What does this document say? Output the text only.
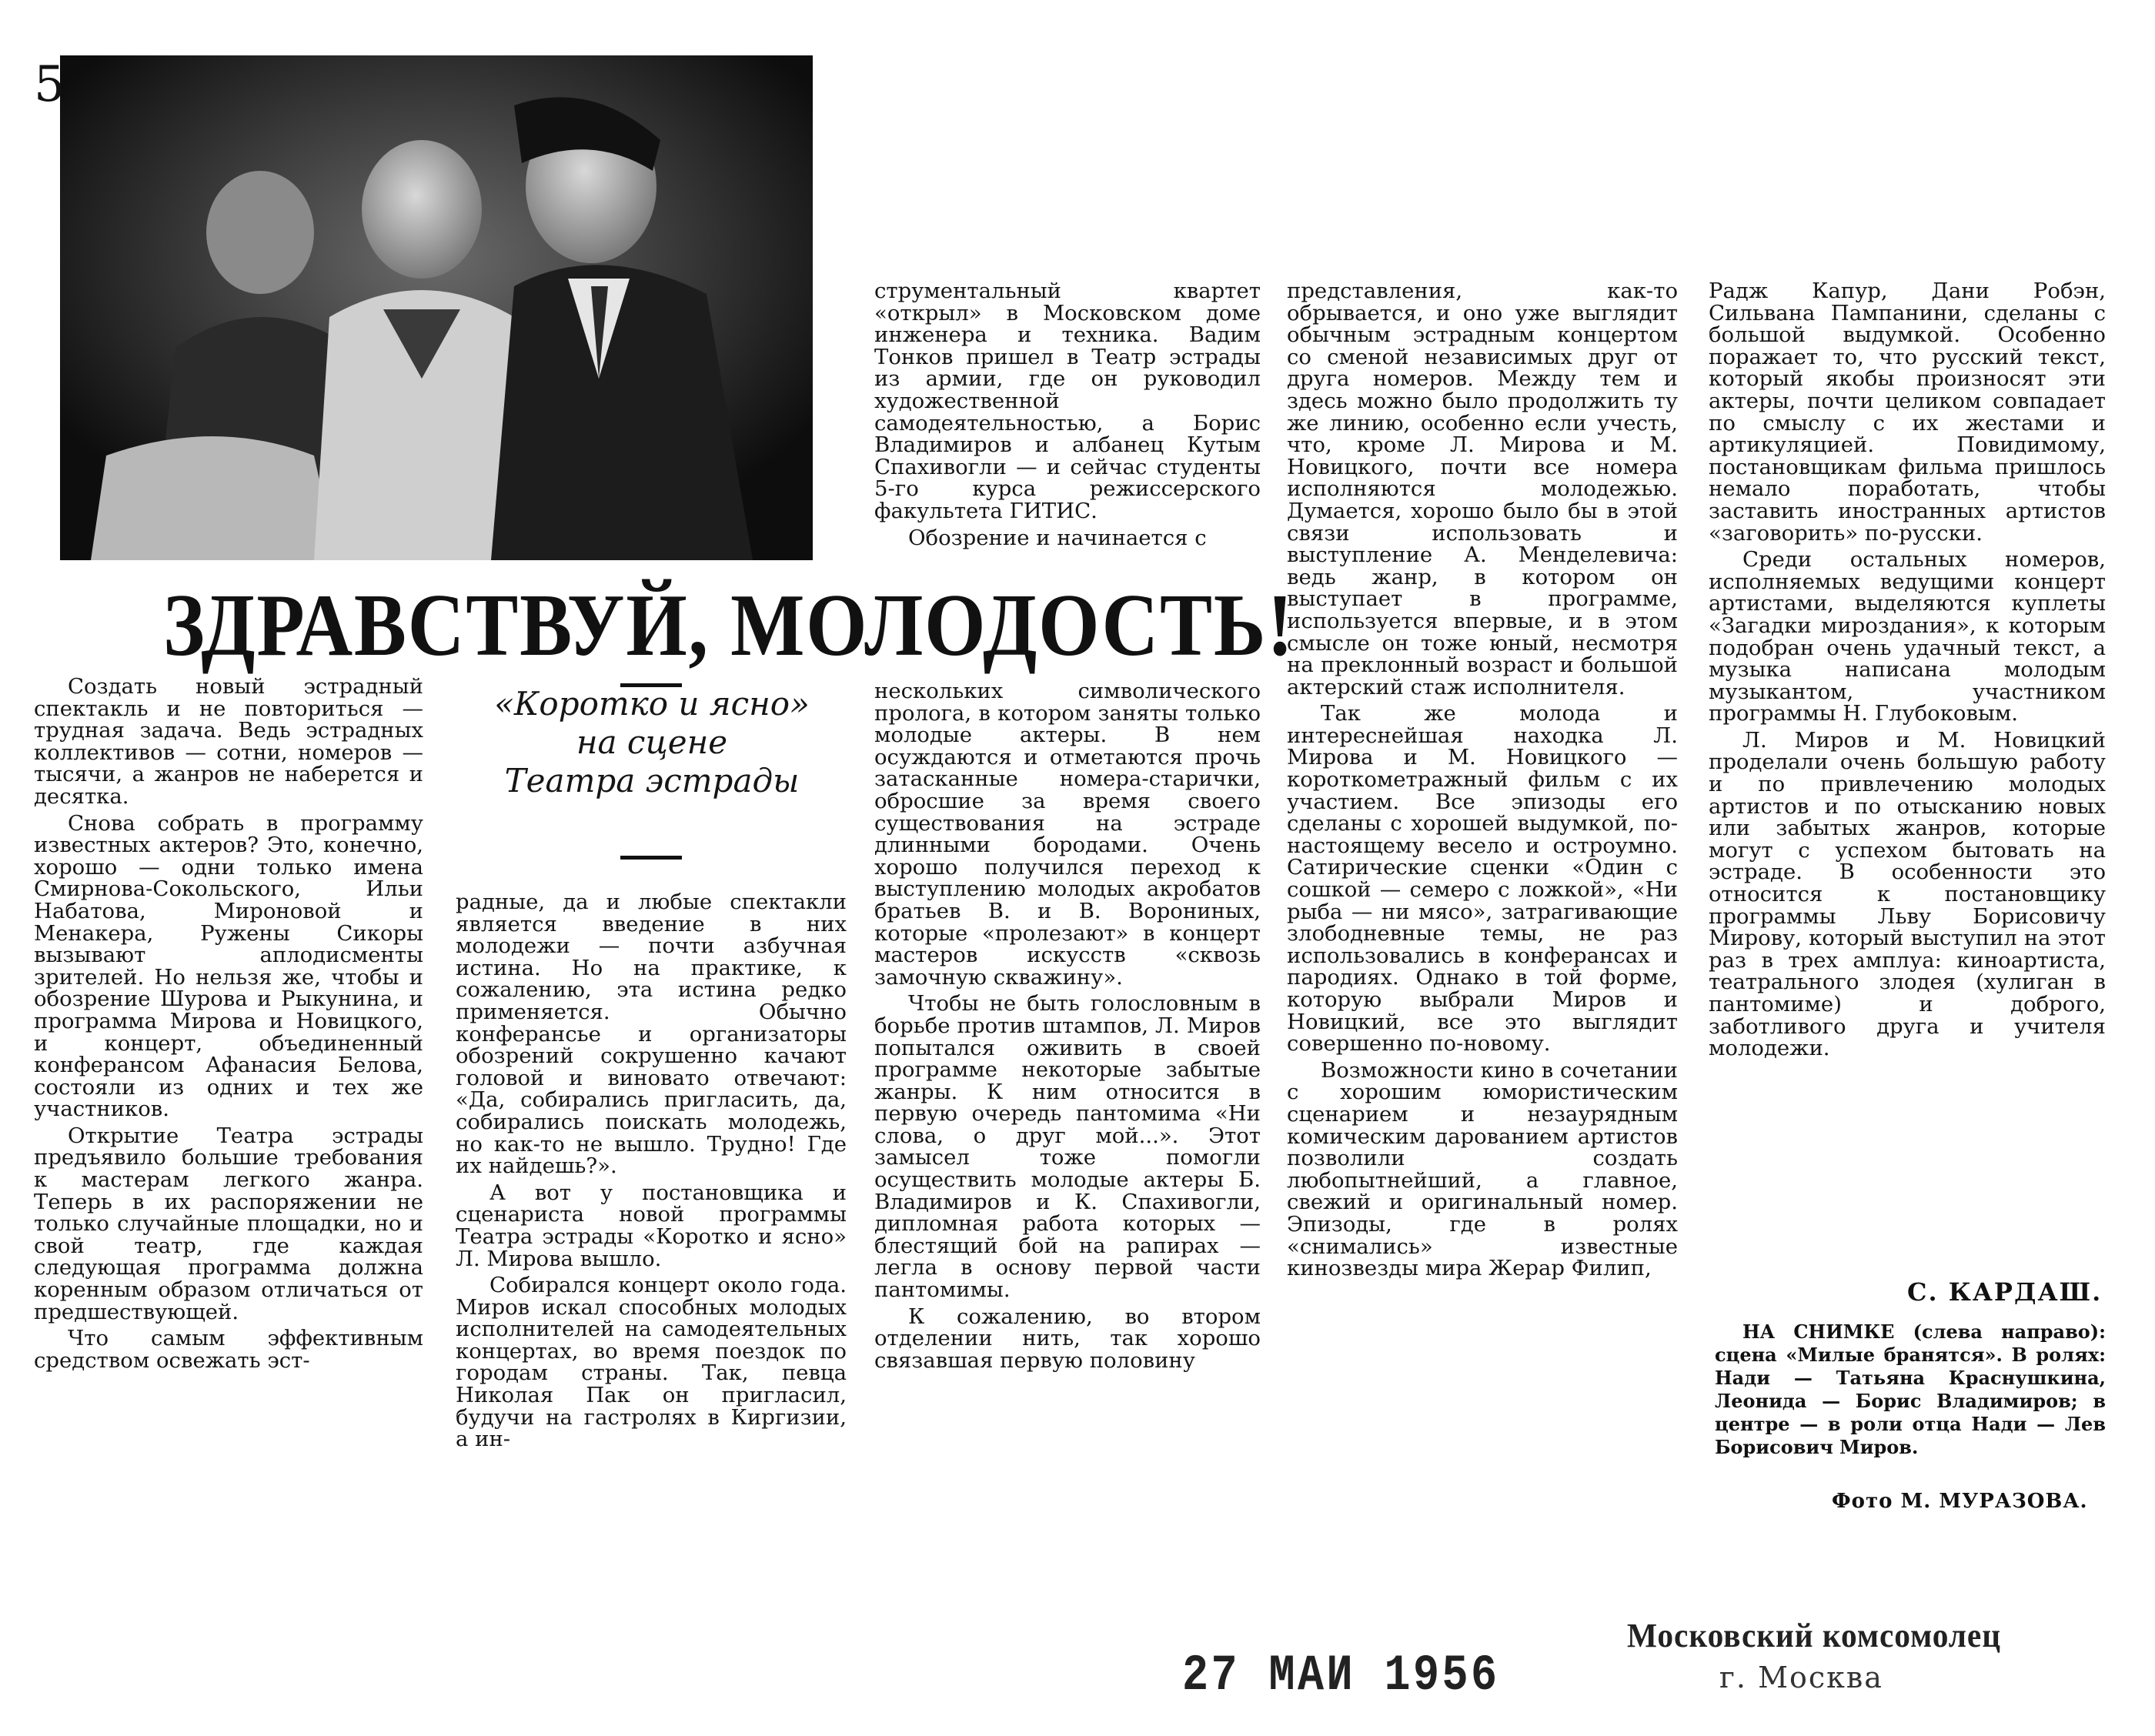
5
ЗДРАВСТВУЙ, МОЛОДОСТЬ!
«Коротко и ясно»
на сцене
Театра эстрады

Создать новый эстрадный спектакль и не повториться — трудная задача. Ведь эстрадных коллективов — сотни, номеров — тысячи, а жанров не наберется и десятка.

Снова собрать в программу известных актеров? Это, конечно, хорошо — одни только имена Смирнова-Сокольского, Ильи Набатова, Мироновой и Менакера, Ружены Сикоры вызывают аплодисменты зрителей. Но нельзя же, чтобы и обозрение Шурова и Рыкунина, и программа Мирова и Новицкого, и концерт, объединенный конферансом Афанасия Белова, состояли из одних и тех же участников.

Открытие Театра эстрады предъявило большие требования к мастерам легкого жанра. Теперь в их распоряжении не только случайные площадки, но и свой театр, где каждая следующая программа должна коренным образом отличаться от предшествующей.

Что самым эффективным средством освежать эст-

радные, да и любые спектакли является введение в них молодежи — почти азбучная истина. Но на практике, к сожалению, эта истина редко применяется. Обычно конферансье и организаторы обозрений сокрушенно качают головой и виновато отвечают: «Да, собирались пригласить, да, собирались поискать молодежь, но как-то не вышло. Трудно! Где их найдешь?».

А вот у постановщика и сценариста новой программы Театра эстрады «Коротко и ясно» Л. Мирова вышло.

Собирался концерт около года. Миров искал способных молодых исполнителей на самодеятельных концертах, во время поездок по городам страны. Так, певца Николая Пак он пригласил, будучи на гастролях в Киргизии, а ин-

струментальный квартет «открыл» в Московском доме инженера и техника. Вадим Тонков пришел в Театр эстрады из армии, где он руководил художественной самодеятельностью, а Борис Владимиров и албанец Кутым Спахивогли — и сейчас студенты 5-го курса режиссерского факультета ГИТИС.

Обозрение и начинается с

нескольких символического пролога, в котором заняты только молодые актеры. В нем осуждаются и отметаются прочь затасканные номера-старички, обросшие за время своего существования на эстраде длинными бородами. Очень хорошо получился переход к выступлению молодых акробатов братьев В. и В. Ворониных, которые «пролезают» в концерт мастеров искусств «сквозь замочную скважину».

Чтобы не быть голословным в борьбе против штампов, Л. Миров попытался оживить в своей программе некоторые забытые жанры. К ним относится в первую очередь пантомима «Ни слова, о друг мой...». Этот замысел тоже помогли осуществить молодые актеры Б. Владимиров и К. Спахивогли, дипломная работа которых — блестящий бой на рапирах — легла в основу первой части пантомимы.

К сожалению, во втором отделении нить, так хорошо связавшая первую половину

представления, как-то обрывается, и оно уже выглядит обычным эстрадным концертом со сменой независимых друг от друга номеров. Между тем и здесь можно было продолжить ту же линию, особенно если учесть, что, кроме Л. Мирова и М. Новицкого, почти все номера исполняются молодежью. Думается, хорошо было бы в этой связи использовать и выступление А. Менделевича: ведь жанр, в котором он выступает в программе, используется впервые, и в этом смысле он тоже юный, несмотря на преклонный возраст и большой актерский стаж исполнителя.

Так же молода и интереснейшая находка Л. Мирова и М. Новицкого — короткометражный фильм с их участием. Все эпизоды его сделаны с хорошей выдумкой, по-настоящему весело и остроумно. Сатирические сценки «Один с сошкой — семеро с ложкой», «Ни рыба — ни мясо», затрагивающие злободневные темы, не раз использовались в конферансах и пародиях. Однако в той форме, которую выбрали Миров и Новицкий, все это выглядит совершенно по-новому.

Возможности кино в сочетании с хорошим юмористическим сценарием и незаурядным комическим дарованием артистов позволили создать любопытнейший, а главное, свежий и оригинальный номер. Эпизоды, где в ролях «снимались» известные кинозвезды мира Жерар Филип,

Радж Капур, Дани Робэн, Сильвана Пампанини, сделаны с большой выдумкой. Особенно поражает то, что русский текст, который якобы произносят эти актеры, почти целиком совпадает по смыслу с их жестами и артикуляцией. Повидимому, постановщикам фильма пришлось немало поработать, чтобы заставить иностранных артистов «заговорить» по-русски.

Среди остальных номеров, исполняемых ведущими концерт артистами, выделяются куплеты «Загадки мироздания», к которым подобран очень удачный текст, а музыка написана молодым музыкантом, участником программы Н. Глубоковым.

Л. Миров и М. Новицкий проделали очень большую работу и по привлечению молодых артистов и по отысканию новых или забытых жанров, которые могут с успехом бытовать на эстраде. В особенности это относится к постановщику программы Льву Борисовичу Мирову, который выступил на этот раз в трех амплуа: киноартиста, театрального злодея (хулиган в пантомиме) и доброго, заботливого друга и учителя молодежи.

С. КАРДАШ.

НА СНИМКЕ (слева направо): сцена «Милые бранятся». В ролях: Нади — Татьяна Краснушкина, Леонида — Борис Владимиров; в центре — в роли отца Нади — Лев Борисович Миров.

Фото М. МУРАЗОВА.
27 МАИ 1956
Московский комсомолец
г. Москва
